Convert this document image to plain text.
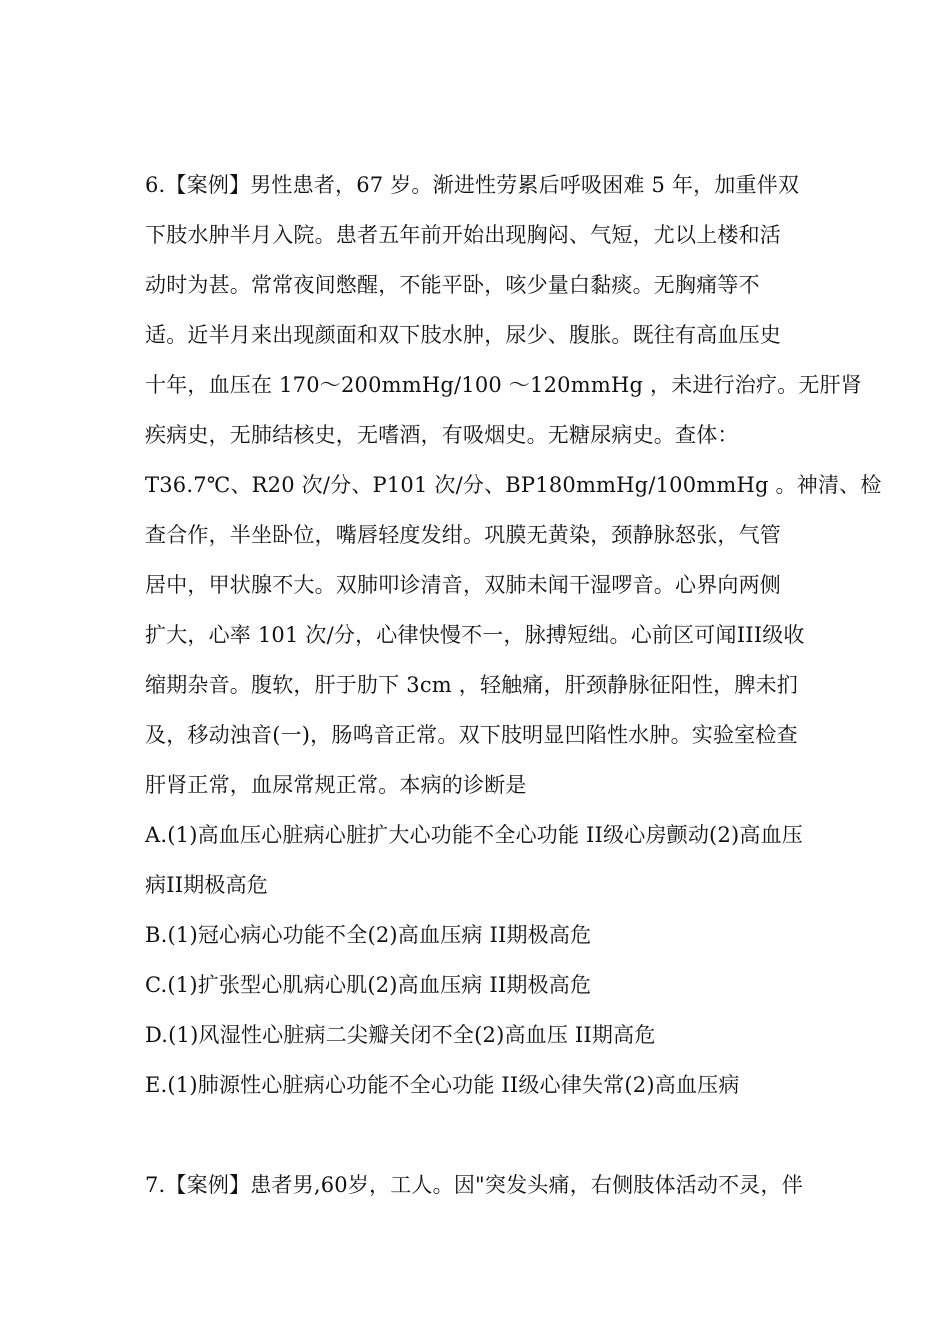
6.【案例】男性患者，67 岁。渐进性劳累后呼吸困难 5 年，加重伴双
下肢水肿半月入院。患者五年前开始出现胸闷、气短，尤以上楼和活
动时为甚。常常夜间憋醒，不能平卧，咳少量白黏痰。无胸痛等不
适。近半月来出现颜面和双下肢水肿，尿少、腹胀。既往有高血压史
十年，血压在 170～200mmHg/100 ～120mmHg ，未进行治疗。无肝肾
疾病史，无肺结核史，无嗜酒，有吸烟史。无糖尿病史。查体：
T36.7℃、R20 次/分、P101 次/分、BP180mmHg/100mmHg 。神清、检
查合作，半坐卧位，嘴唇轻度发绀。巩膜无黄染，颈静脉怒张，气管
居中，甲状腺不大。双肺叩诊清音，双肺未闻干湿啰音。心界向两侧
扩大，心率 101 次/分，心律快慢不一，脉搏短绌。心前区可闻III级收
缩期杂音。腹软，肝于肋下 3cm ，轻触痛，肝颈静脉征阳性，脾未扪
及，移动浊音(一)，肠鸣音正常。双下肢明显凹陷性水肿。实验室检查
肝肾正常，血尿常规正常。本病的诊断是
A.(1)高血压心脏病心脏扩大心功能不全心功能 II级心房颤动(2)高血压
病II期极高危
B.(1)冠心病心功能不全(2)高血压病 II期极高危
C.(1)扩张型心肌病心肌(2)高血压病 II期极高危
D.(1)风湿性心脏病二尖瓣关闭不全(2)高血压 II期高危
E.(1)肺源性心脏病心功能不全心功能 II级心律失常(2)高血压病
7.【案例】患者男,60岁，工人。因"突发头痛，右侧肢体活动不灵，伴
